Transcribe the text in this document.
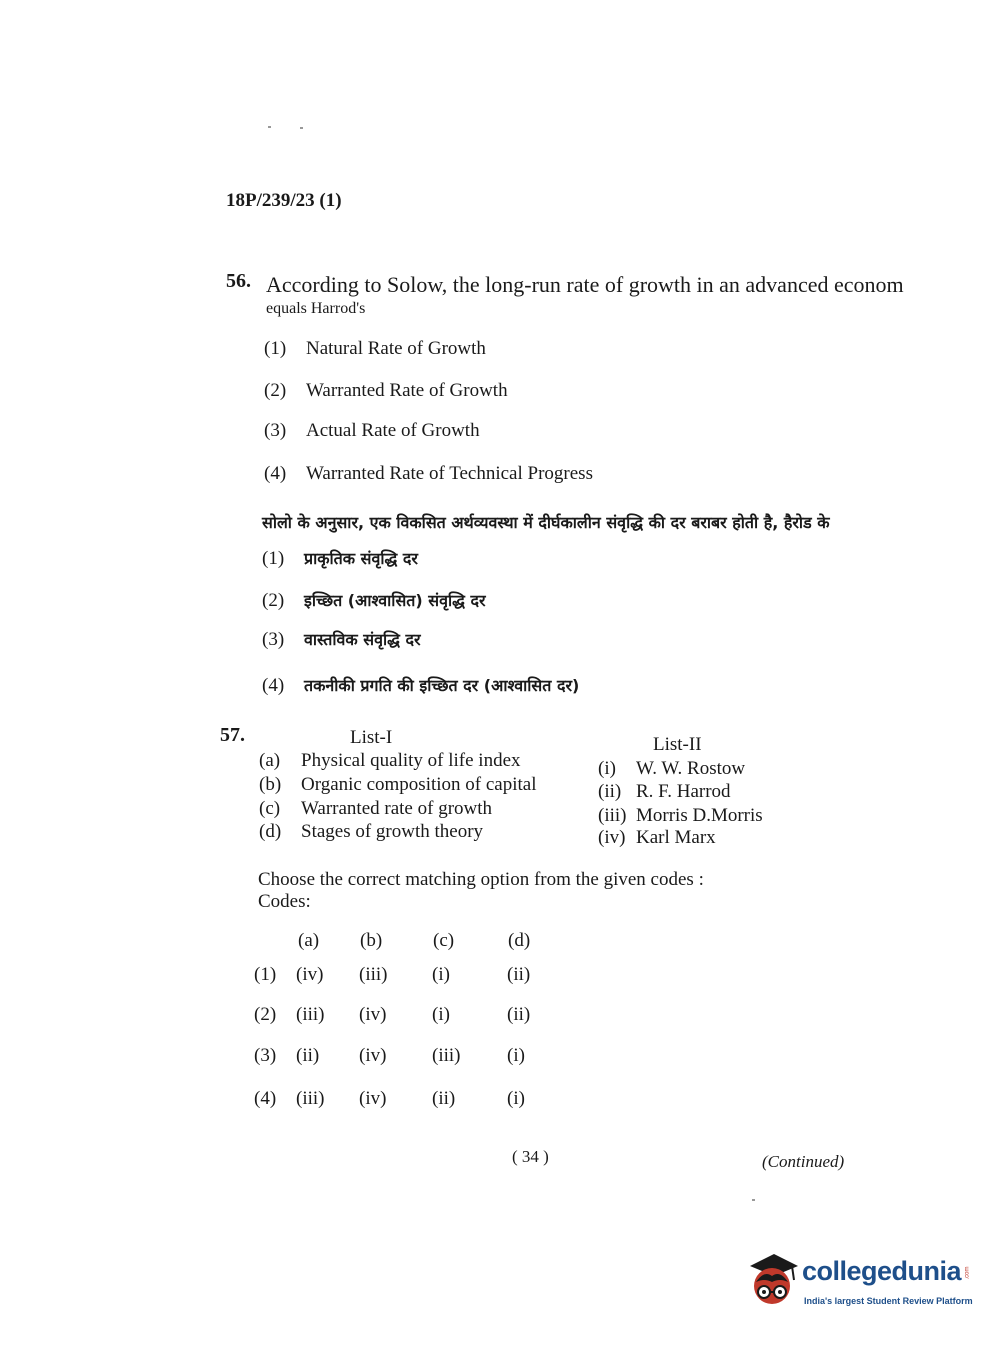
18P/239/23 (1)
56. According to Solow, the long-run rate of growth in an advanced econom
equals Harrod's
(1) Natural Rate of Growth
(2) Warranted Rate of Growth
(3) Actual Rate of Growth
(4) Warranted Rate of Technical Progress
सोलो के अनुसार, एक विकसित अर्थव्यवस्था में दीर्घकालीन संवृद्धि की दर बराबर होती है, हैरोड के
(1) प्राकृतिक संवृद्धि दर
(2) इच्छित (आश्वासित) संवृद्धि दर
(3) वास्तविक संवृद्धि दर
(4) तकनीकी प्रगति की इच्छित दर (आश्वासित दर)
57.	List-I	List-II
(a) Physical quality of life index
(b) Organic composition of capital
(c) Warranted rate of growth
(d) Stages of growth theory
(i) W. W. Rostow
(ii) R. F. Harrod
(iii) Morris D.Morris
(iv) Karl Marx
Choose the correct matching option from the given codes :
Codes:
(a) (b)	(c)	(d)
(1) (iv) (iii) (i)	(ii)
(2) (iii) (iv) (i)	(ii)
(3) (ii) (iv) (iii) (i)
(4) (iii) (iv) (ii)	(i)
( 34 )	(Continued)
collegedunia .com
India's largest Student Review Platform
